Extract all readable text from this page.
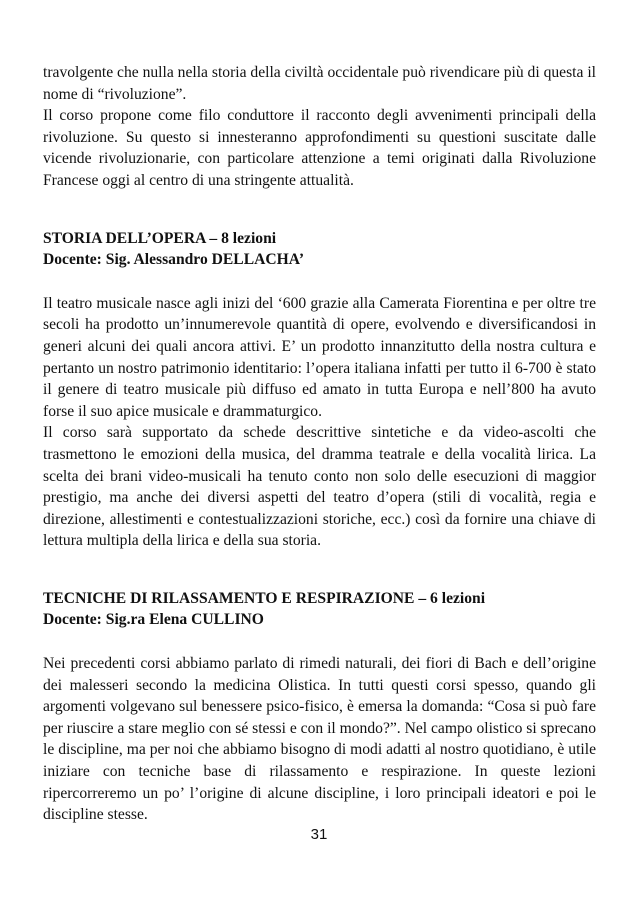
travolgente che nulla nella storia della civiltà occidentale può rivendicare più di questa il nome di “rivoluzione”.

Il corso propone come filo conduttore il racconto degli avvenimenti principali della rivoluzione. Su questo si innesteranno approfondimenti su questioni suscitate dalle vicende rivoluzionarie, con particolare attenzione a temi originati dalla Rivoluzione Francese oggi al centro di una stringente attualità.

STORIA DELL’OPERA – 8 lezioni
Docente: Sig. Alessandro DELLACHA’

Il teatro musicale nasce agli inizi del ‘600 grazie alla Camerata Fiorentina e per oltre tre secoli ha prodotto un’innumerevole quantità di opere, evolvendo e diversificandosi in generi alcuni dei quali ancora attivi. E’ un prodotto innanzitutto della nostra cultura e pertanto un nostro patrimonio identitario: l’opera italiana infatti per tutto il 6-700 è stato il genere di teatro musicale più diffuso ed amato in tutta Europa e nell’800 ha avuto forse il suo apice musicale e drammaturgico.

Il corso sarà supportato da schede descrittive sintetiche e da video-ascolti che trasmettono le emozioni della musica, del dramma teatrale e della vocalità lirica. La scelta dei brani video-musicali ha tenuto conto non solo delle esecuzioni di maggior prestigio, ma anche dei diversi aspetti del teatro d’opera (stili di vocalità, regia e direzione, allestimenti e contestualizzazioni storiche, ecc.) così da fornire una chiave di lettura multipla della lirica e della sua storia.

TECNICHE DI RILASSAMENTO E RESPIRAZIONE – 6 lezioni
Docente: Sig.ra Elena CULLINO

Nei precedenti corsi abbiamo parlato di rimedi naturali, dei fiori di Bach e dell’origine dei malesseri secondo la medicina Olistica. In tutti questi corsi spesso, quando gli argomenti volgevano sul benessere psico-fisico, è emersa la domanda: “Cosa si può fare per riuscire a stare meglio con sé stessi e con il mondo?”. Nel campo olistico si sprecano le discipline, ma per noi che abbiamo bisogno di modi adatti al nostro quotidiano, è utile iniziare con tecniche base di rilassamento e respirazione. In queste lezioni ripercorreremo un po’ l’origine di alcune discipline, i loro principali ideatori e poi le discipline stesse.

31
